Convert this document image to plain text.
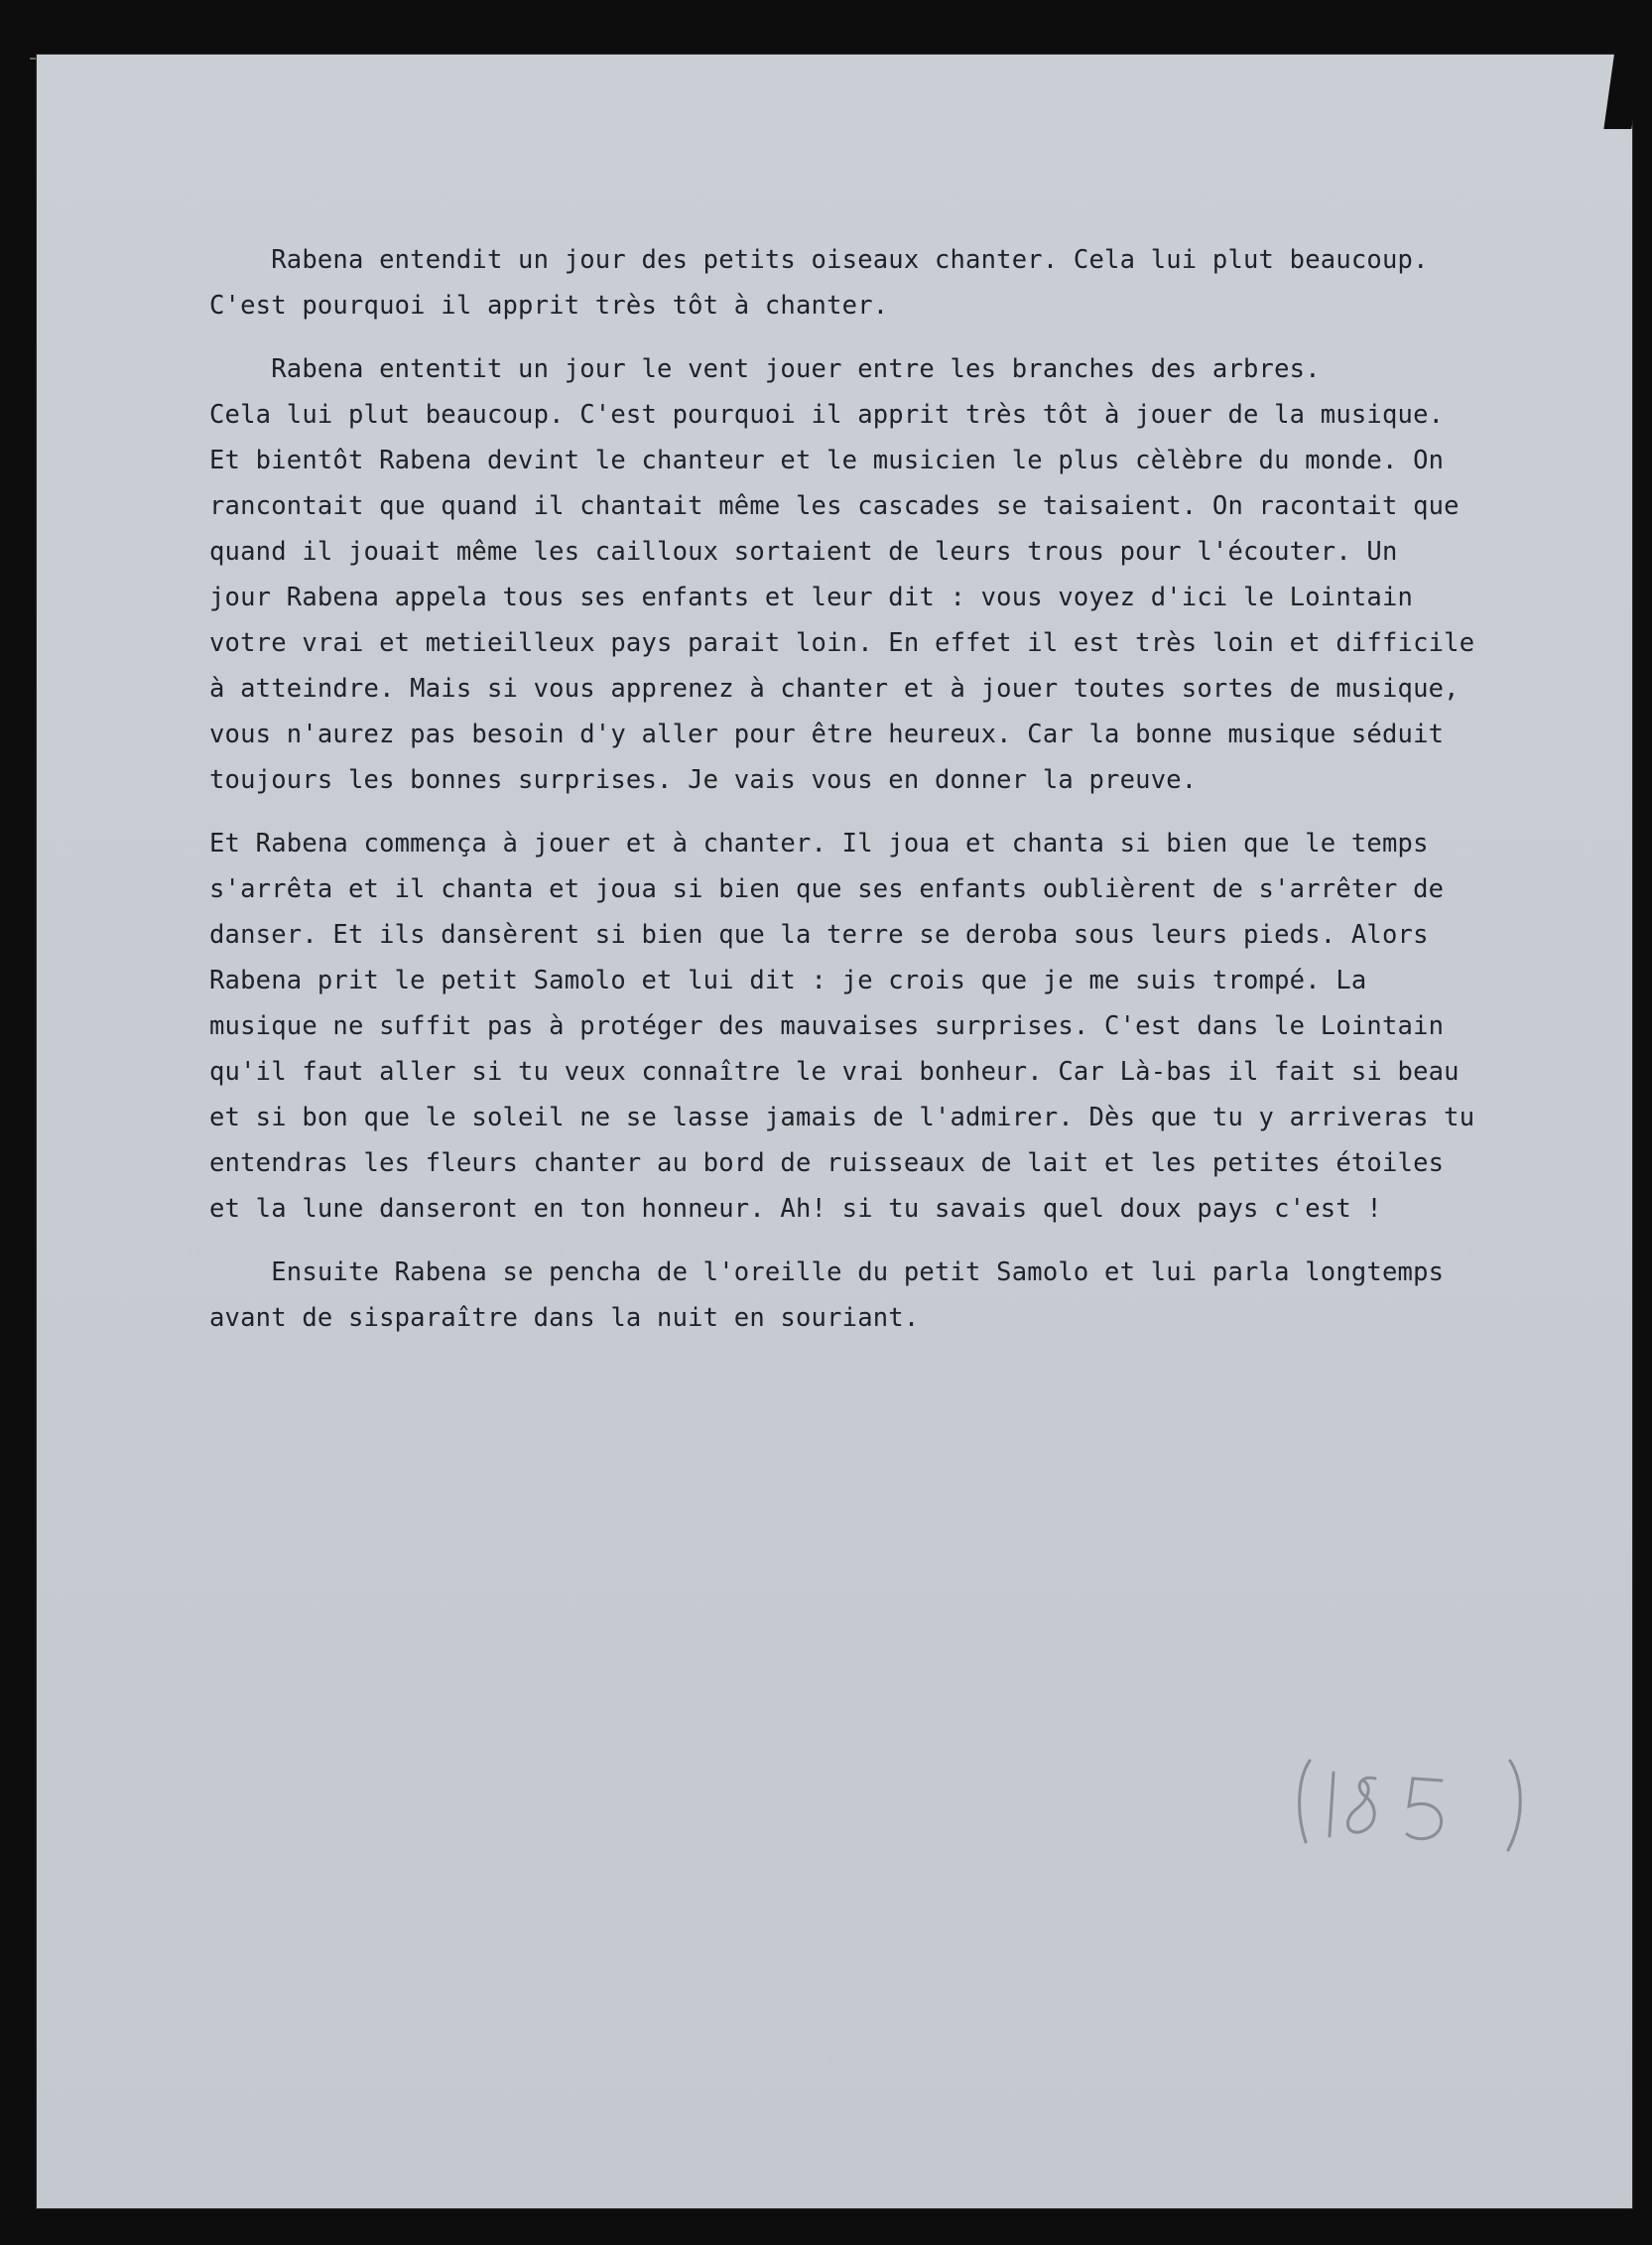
Rabena entendit un jour des petits oiseaux chanter. Cela lui plut beaucoup.
C'est pourquoi il apprit très tôt à chanter.

Rabena ententit un jour le vent jouer entre les branches des arbres.
Cela lui plut beaucoup. C'est pourquoi il apprit très tôt à jouer de la musique.
Et bientôt Rabena devint le chanteur et le musicien le plus cèlèbre du monde. On
rancontait que quand il chantait même les cascades se taisaient. On racontait que
quand il jouait même les cailloux sortaient de leurs trous pour l'écouter. Un
jour Rabena appela tous ses enfants et leur dit : vous voyez d'ici le Lointain
votre vrai et metieilleux pays parait loin. En effet il est très loin et difficile
à atteindre. Mais si vous apprenez à chanter et à jouer toutes sortes de musique,
vous n'aurez pas besoin d'y aller pour être heureux. Car la bonne musique séduit
toujours les bonnes surprises. Je vais vous en donner la preuve.

Et Rabena commença à jouer et à chanter. Il joua et chanta si bien que le temps
s'arrêta et il chanta et joua si bien que ses enfants oublièrent de s'arrêter de
danser. Et ils dansèrent si bien que la terre se deroba sous leurs pieds. Alors
Rabena prit le petit Samolo et lui dit : je crois que je me suis trompé. La
musique ne suffit pas à protéger des mauvaises surprises. C'est dans le Lointain
qu'il faut aller si tu veux connaître le vrai bonheur. Car Là-bas il fait si beau
et si bon que le soleil ne se lasse jamais de l'admirer. Dès que tu y arriveras tu
entendras les fleurs chanter au bord de ruisseaux de lait et les petites étoiles
et la lune danseront en ton honneur. Ah! si tu savais quel doux pays c'est !

Ensuite Rabena se pencha de l'oreille du petit Samolo et lui parla longtemps
avant de sisparaître dans la nuit en souriant.
